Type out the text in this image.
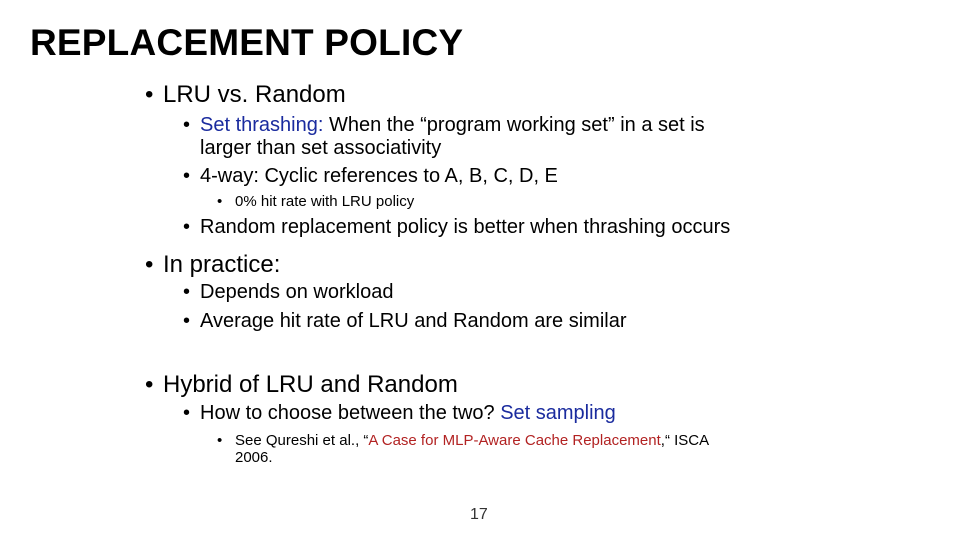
REPLACEMENT POLICY
• LRU vs. Random
• Set thrashing: When the “program working set” in a set is
larger than set associativity
• 4-way: Cyclic references to A, B, C, D, E
• 0% hit rate with LRU policy
• Random replacement policy is better when thrashing occurs
• In practice:
• Depends on workload
• Average hit rate of LRU and Random are similar
• Hybrid of LRU and Random
• How to choose between the two? Set sampling
• See Qureshi et al., “A Case for MLP-Aware Cache Replacement,“ ISCA
2006.
17
